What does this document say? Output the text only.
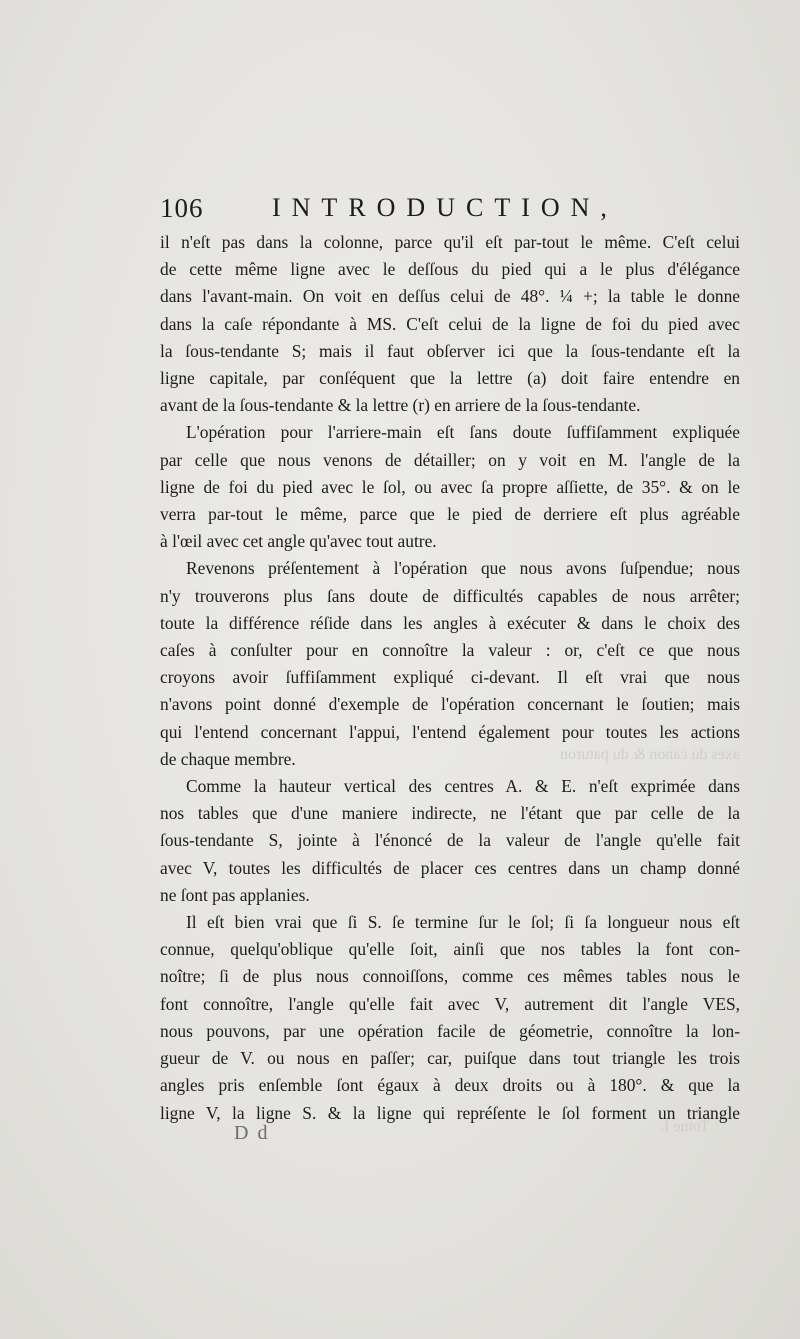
106	INTRODUCTION,
axes du canon & du paturon
Tome I.

il n'eſt pas dans la colonne, parce qu'il eſt par-tout le même. C'eſt celui

de cette même ligne avec le deſſous du pied qui a le plus d'élégance

dans l'avant-main. On voit en deſſus celui de 48°. ¼ +; la table le donne

dans la caſe répondante à MS. C'eſt celui de la ligne de foi du pied avec

la ſous-tendante S; mais il faut obſerver ici que la ſous-tendante eſt la

ligne capitale, par conſéquent que la lettre (a) doit faire entendre en

avant de la ſous-tendante & la lettre (r) en arriere de la ſous-tendante.

L'opération pour l'arriere-main eſt ſans doute ſuffiſamment expliquée

par celle que nous venons de détailler; on y voit en M. l'angle de la

ligne de foi du pied avec le ſol, ou avec ſa propre aſſiette, de 35°. & on le

verra par-tout le même, parce que le pied de derriere eſt plus agréable

à l'œil avec cet angle qu'avec tout autre.

Revenons préſentement à l'opération que nous avons ſuſpendue; nous

n'y trouverons plus ſans doute de difficultés capables de nous arrêter;

toute la différence réſide dans les angles à exécuter & dans le choix des

caſes à conſulter pour en connoître la valeur : or, c'eſt ce que nous

croyons avoir ſuffiſamment expliqué ci-devant. Il eſt vrai que nous

n'avons point donné d'exemple de l'opération concernant le ſoutien; mais

qui l'entend concernant l'appui, l'entend également pour toutes les actions

de chaque membre.

Comme la hauteur vertical des centres A. & E. n'eſt exprimée dans

nos tables que d'une maniere indirecte, ne l'étant que par celle de la

ſous-tendante S, jointe à l'énoncé de la valeur de l'angle qu'elle fait

avec V, toutes les difficultés de placer ces centres dans un champ donné

ne ſont pas applanies.

Il eſt bien vrai que ſi S. ſe termine ſur le ſol; ſi ſa longueur nous eſt

connue, quelqu'oblique qu'elle ſoit, ainſi que nos tables la font con-

noître; ſi de plus nous connoiſſons, comme ces mêmes tables nous le

font connoître, l'angle qu'elle fait avec V, autrement dit l'angle VES,

nous pouvons, par une opération facile de géometrie, connoître la lon-

gueur de V. ou nous en paſſer; car, puiſque dans tout triangle les trois

angles pris enſemble ſont égaux à deux droits ou à 180°. & que la

ligne V, la ligne S. & la ligne qui repréſente le ſol forment un triangle

D d
